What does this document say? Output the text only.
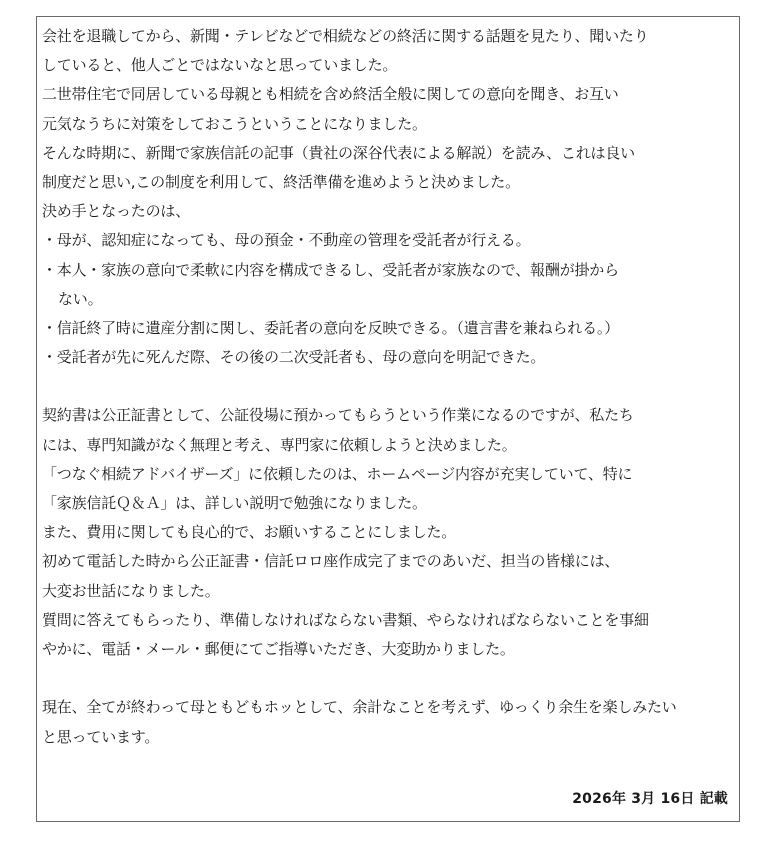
会社を退職してから、新聞・テレビなどで相続などの終活に関する話題を見たり、聞いたり
していると、他人ごとではないなと思っていました。
二世帯住宅で同居している母親とも相続を含め終活全般に関しての意向を聞き、お互い
元気なうちに対策をしておこうということになりました。
そんな時期に、新聞で家族信託の記事（貴社の深谷代表による解説）を読み、これは良い
制度だと思い,この制度を利用して、終活準備を進めようと決めました。
決め手となったのは、
・母が、認知症になっても、母の預金・不動産の管理を受託者が行える。
・本人・家族の意向で柔軟に内容を構成できるし、受託者が家族なので、報酬が掛から
ない。
・信託終了時に遺産分割に関し、委託者の意向を反映できる。（遺言書を兼ねられる。）
・受託者が先に死んだ際、その後の二次受託者も、母の意向を明記できた。
契約書は公正証書として、公証役場に預かってもらうという作業になるのですが、私たち
には、専門知識がなく無理と考え、専門家に依頼しようと決めました。
「つなぐ相続アドバイザーズ」に依頼したのは、ホームページ内容が充実していて、特に
「家族信託Ｑ＆Ａ」は、詳しい説明で勉強になりました。
また、費用に関しても良心的で、お願いすることにしました。
初めて電話した時から公正証書・信託ロロ座作成完了までのあいだ、担当の皆様には、
大変お世話になりました。
質問に答えてもらったり、準備しなければならない書類、やらなければならないことを事細
やかに、電話・メール・郵便にてご指導いただき、大変助かりました。
現在、全てが終わって母ともどもホッとして、余計なことを考えず、ゆっくり余生を楽しみたい
と思っています。
2026年 3月 16日 記載
